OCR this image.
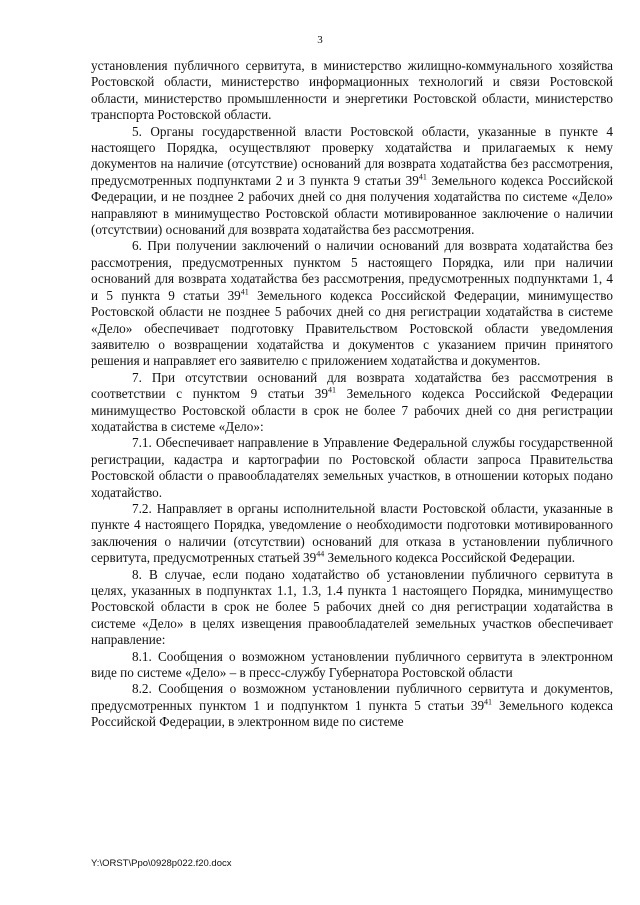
3

установления публичного сервитута, в министерство жилищно-коммунального хозяйства Ростовской области, министерство информационных технологий и связи Ростовской области, министерство промышленности и энергетики Ростовской области, министерство транспорта Ростовской области.

5. Органы государственной власти Ростовской области, указанные в пункте 4 настоящего Порядка, осуществляют проверку ходатайства и прилагаемых к нему документов на наличие (отсутствие) оснований для возврата ходатайства без рассмотрения, предусмотренных подпунктами 2 и 3 пункта 9 статьи $39^{41}$ Земельного кодекса Российской Федерации, и не позднее 2 рабочих дней со дня получения ходатайства по системе «Дело» направляют в минимущество Ростовской области мотивированное заключение о наличии (отсутствии) оснований для возврата ходатайства без рассмотрения.

6. При получении заключений о наличии оснований для возврата ходатайства без рассмотрения, предусмотренных пунктом 5 настоящего Порядка, или при наличии оснований для возврата ходатайства без рассмотрения, предусмотренных подпунктами 1, 4 и 5 пункта 9 статьи $39^{41}$ Земельного кодекса Российской Федерации, минимущество Ростовской области не позднее 5 рабочих дней со дня регистрации ходатайства в системе «Дело» обеспечивает подготовку Правительством Ростовской области уведомления заявителю о возвращении ходатайства и документов с указанием причин принятого решения и направляет его заявителю с приложением ходатайства и документов.

7. При отсутствии оснований для возврата ходатайства без рассмотрения в соответствии с пунктом 9 статьи $39^{41}$ Земельного кодекса Российской Федерации минимущество Ростовской области в срок не более 7 рабочих дней со дня регистрации ходатайства в системе «Дело»:

7.1. Обеспечивает направление в Управление Федеральной службы государственной регистрации, кадастра и картографии по Ростовской области запроса Правительства Ростовской области о правообладателях земельных участков, в отношении которых подано ходатайство.

7.2. Направляет в органы исполнительной власти Ростовской области, указанные в пункте 4 настоящего Порядка, уведомление о необходимости подготовки мотивированного заключения о наличии (отсутствии) оснований для отказа в установлении публичного сервитута, предусмотренных статьей $39^{44}$ Земельного кодекса Российской Федерации.

8. В случае, если подано ходатайство об установлении публичного сервитута в целях, указанных в подпунктах 1.1, 1.3, 1.4 пункта 1 настоящего Порядка, минимущество Ростовской области в срок не более 5 рабочих дней со дня регистрации ходатайства в системе «Дело» в целях извещения правообладателей земельных участков обеспечивает направление:

8.1. Сообщения о возможном установлении публичного сервитута в электронном виде по системе «Дело» – в пресс-службу Губернатора Ростовской области

8.2. Сообщения о возможном установлении публичного сервитута и документов, предусмотренных пунктом 1 и подпунктом 1 пункта 5 статьи $39^{41}$ Земельного кодекса Российской Федерации, в электронном виде по системе

Y:\ORST\Ppo\0928p022.f20.docx
